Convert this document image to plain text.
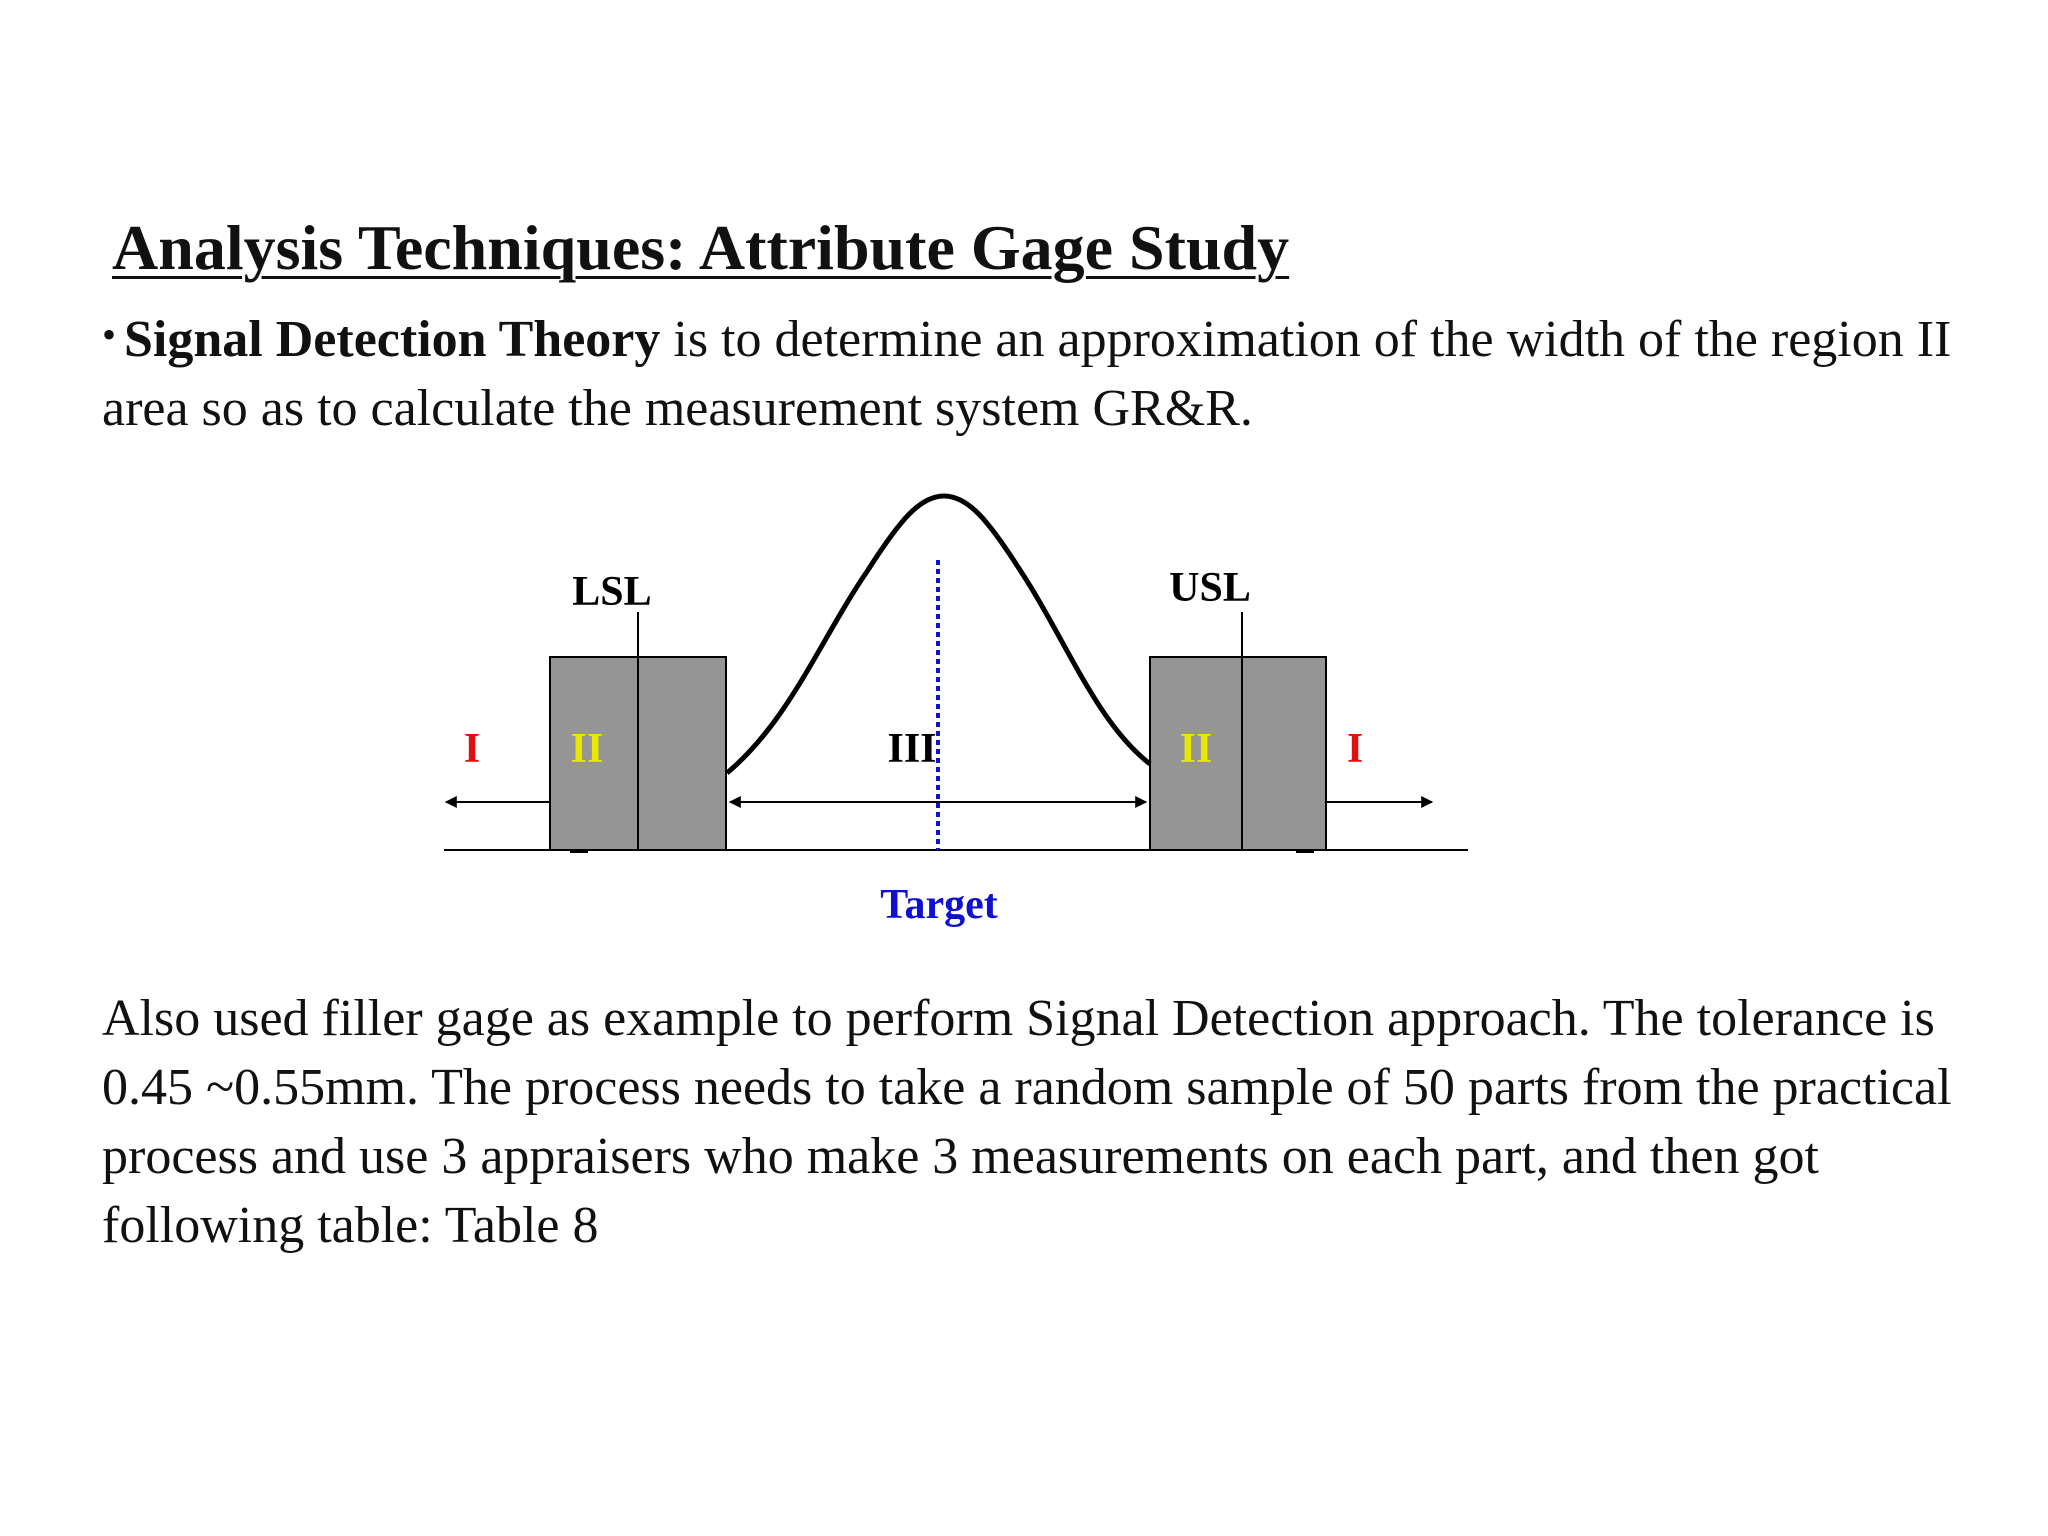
Analysis Techniques: Attribute Gage Study

• Signal Detection Theory is to determine an approximation of the width of the region II area so as to calculate the measurement system GR&R.

LSL	USL
I II	III	II	I
Target

Also used filler gage as example to perform Signal Detection approach. The tolerance is 0.45 ~0.55mm. The process needs to take a random sample of 50 parts from the practical process and use 3 appraisers who make 3 measurements on each part, and then got following table: Table 8
